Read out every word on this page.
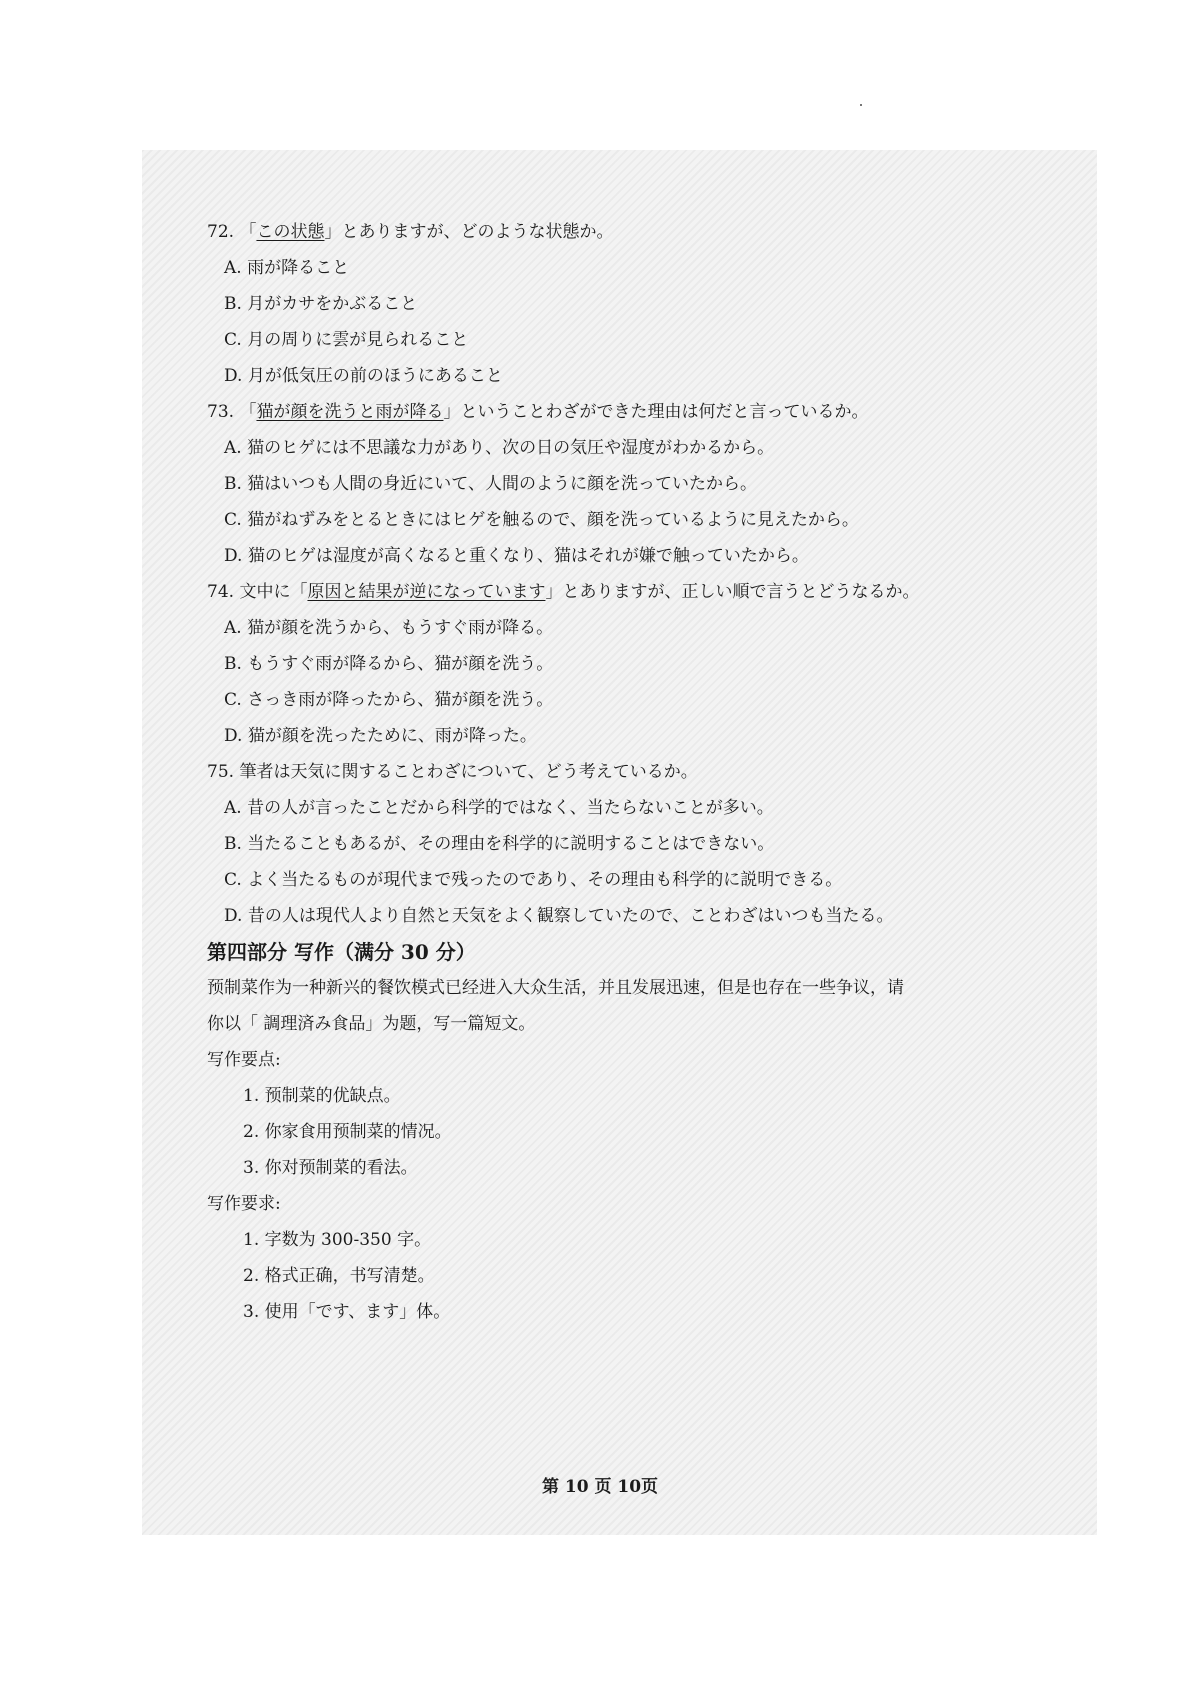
72. 「この状態」とありますが、どのような状態か。
A. 雨が降ること
B. 月がカサをかぶること
C. 月の周りに雲が見られること
D. 月が低気圧の前のほうにあること
73. 「猫が顔を洗うと雨が降る」ということわざができた理由は何だと言っているか。
A. 猫のヒゲには不思議な力があり、次の日の気圧や湿度がわかるから。
B. 猫はいつも人間の身近にいて、人間のように顔を洗っていたから。
C. 猫がねずみをとるときにはヒゲを触るので、顔を洗っているように見えたから。
D. 猫のヒゲは湿度が高くなると重くなり、猫はそれが嫌で触っていたから。
74. 文中に「原因と結果が逆になっています」とありますが、正しい順で言うとどうなるか。
A. 猫が顔を洗うから、もうすぐ雨が降る。
B. もうすぐ雨が降るから、猫が顔を洗う。
C. さっき雨が降ったから、猫が顔を洗う。
D. 猫が顔を洗ったために、雨が降った。
75. 筆者は天気に関することわざについて、どう考えているか。
A. 昔の人が言ったことだから科学的ではなく、当たらないことが多い。
B. 当たることもあるが、その理由を科学的に説明することはできない。
C. よく当たるものが現代まで残ったのであり、その理由も科学的に説明できる。
D. 昔の人は現代人より自然と天気をよく観察していたので、ことわざはいつも当たる。
第四部分 写作（满分 30 分）
预制菜作为一种新兴的餐饮模式已经进入大众生活，并且发展迅速，但是也存在一些争议，请
你以「 調理済み食品」为题，写一篇短文。
写作要点:
1. 预制菜的优缺点。
2. 你家食用预制菜的情况。
3. 你对预制菜的看法。
写作要求:
1. 字数为 300-350 字。
2. 格式正确，书写清楚。
3. 使用「です、ます」体。
第 10 页 10页
